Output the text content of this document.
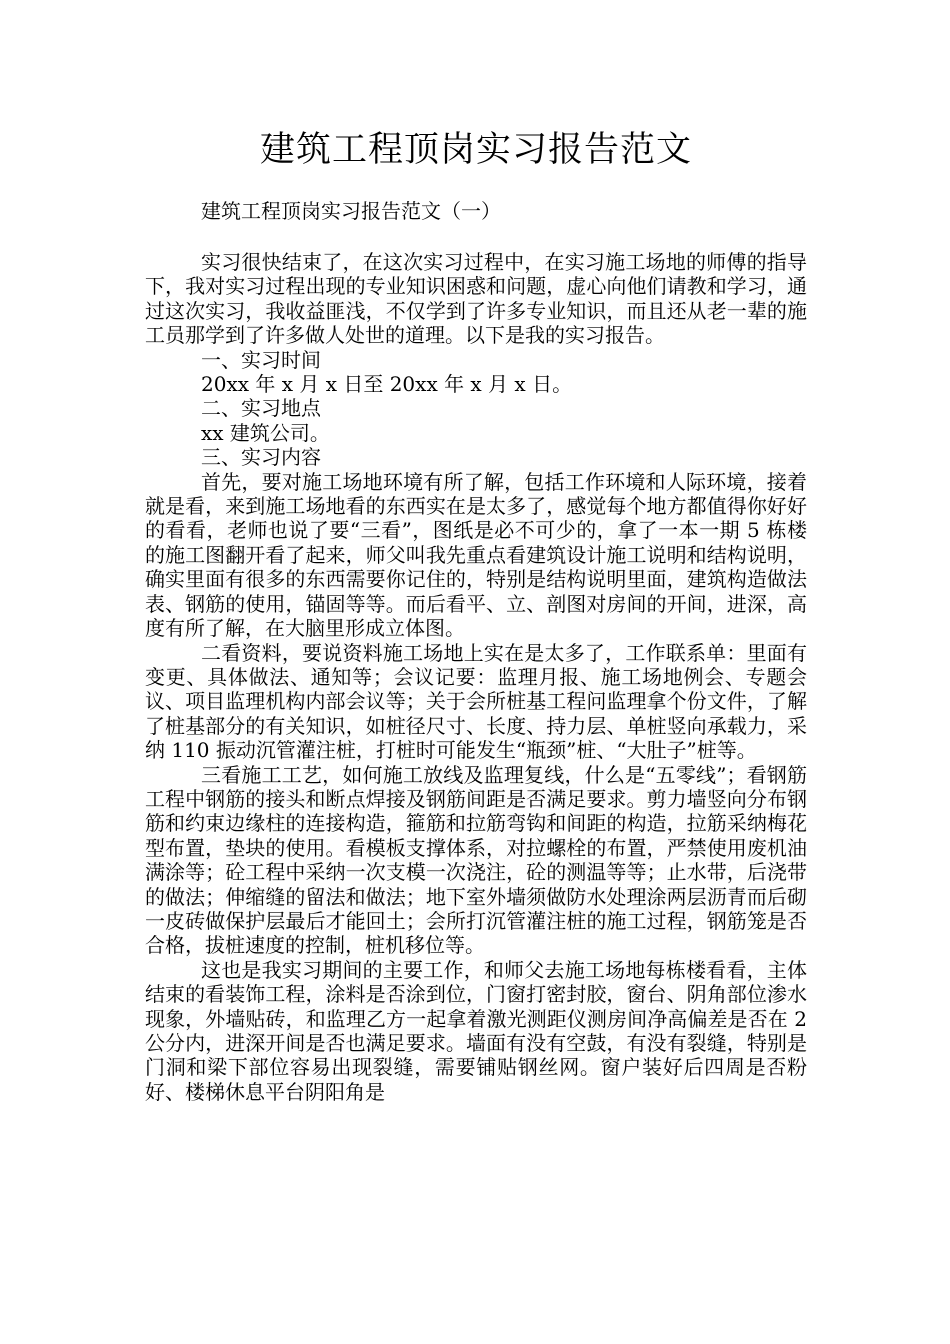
建筑工程顶岗实习报告范文
建筑工程顶岗实习报告范文（一）

实习很快结束了，在这次实习过程中，在实习施工场地的师傅的指导下，我对实习过程出现的专业知识困惑和问题，虚心向他们请教和学习，通过这次实习，我收益匪浅，不仅学到了许多专业知识，而且还从老一辈的施工员那学到了许多做人处世的道理。以下是我的实习报告。

一、实习时间

20xx 年 x 月 x 日至 20xx 年 x 月 x 日。

二、实习地点

xx 建筑公司。

三、实习内容

首先，要对施工场地环境有所了解，包括工作环境和人际环境，接着就是看，来到施工场地看的东西实在是太多了，感觉每个地方都值得你好好的看看，老师也说了要“三看”，图纸是必不可少的，拿了一本一期 5 栋楼的施工图翻开看了起来，师父叫我先重点看建筑设计施工说明和结构说明，确实里面有很多的东西需要你记住的，特别是结构说明里面，建筑构造做法表、钢筋的使用，锚固等等。而后看平、立、剖图对房间的开间，进深，高度有所了解，在大脑里形成立体图。

二看资料，要说资料施工场地上实在是太多了，工作联系单：里面有变更、具体做法、通知等；会议记要：监理月报、施工场地例会、专题会议、项目监理机构内部会议等；关于会所桩基工程问监理拿个份文件，了解了桩基部分的有关知识，如桩径尺寸、长度、持力层、单桩竖向承载力，采纳 110 振动沉管灌注桩，打桩时可能发生“瓶颈”桩、“大肚子”桩等。

三看施工工艺，如何施工放线及监理复线，什么是“五零线”；看钢筋工程中钢筋的接头和断点焊接及钢筋间距是否满足要求。剪力墙竖向分布钢筋和约束边缘柱的连接构造，箍筋和拉筋弯钩和间距的构造，拉筋采纳梅花型布置，垫块的使用。看模板支撑体系，对拉螺栓的布置，严禁使用废机油满涂等；砼工程中采纳一次支模一次浇注，砼的测温等等；止水带，后浇带的做法；伸缩缝的留法和做法；地下室外墙须做防水处理涂两层沥青而后砌一皮砖做保护层最后才能回土；会所打沉管灌注桩的施工过程，钢筋笼是否合格，拔桩速度的控制，桩机移位等。

这也是我实习期间的主要工作，和师父去施工场地每栋楼看看，主体结束的看装饰工程，涂料是否涂到位，门窗打密封胶，窗台、阴角部位渗水现象，外墙贴砖，和监理乙方一起拿着激光测距仪测房间净高偏差是否在 2 公分内，进深开间是否也满足要求。墙面有没有空鼓，有没有裂缝，特别是门洞和梁下部位容易出现裂缝，需要铺贴钢丝网。窗户装好后四周是否粉好、楼梯休息平台阴阳角是
